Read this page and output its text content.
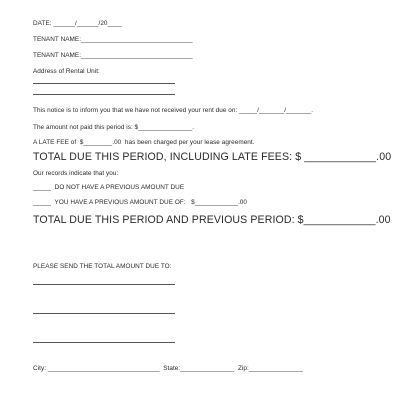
DATE: ______/______/20____
TENANT NAME:_______________________________
TENANT NAME:_______________________________
Address of Rental Unit:
This notice is to inform you that we have not received your rent due on: _____/_______/_______.
The amount not paid this period is: $_______________.
A LATE FEE of  $________.00  has been charged per your lease agreement.
TOTAL DUE THIS PERIOD, INCLUDING LATE FEES: $ ____________.00
Our records indicate that you:
_____  DO NOT HAVE A PREVIOUS AMOUNT DUE
_____  YOU HAVE A PREVIOUS AMOUNT DUE OF:   $____________.00
TOTAL DUE THIS PERIOD AND PREVIOUS PERIOD: $____________.00
PLEASE SEND THE TOTAL AMOUNT DUE TO:
City: _______________________________  State:_______________  Zip:_______________
